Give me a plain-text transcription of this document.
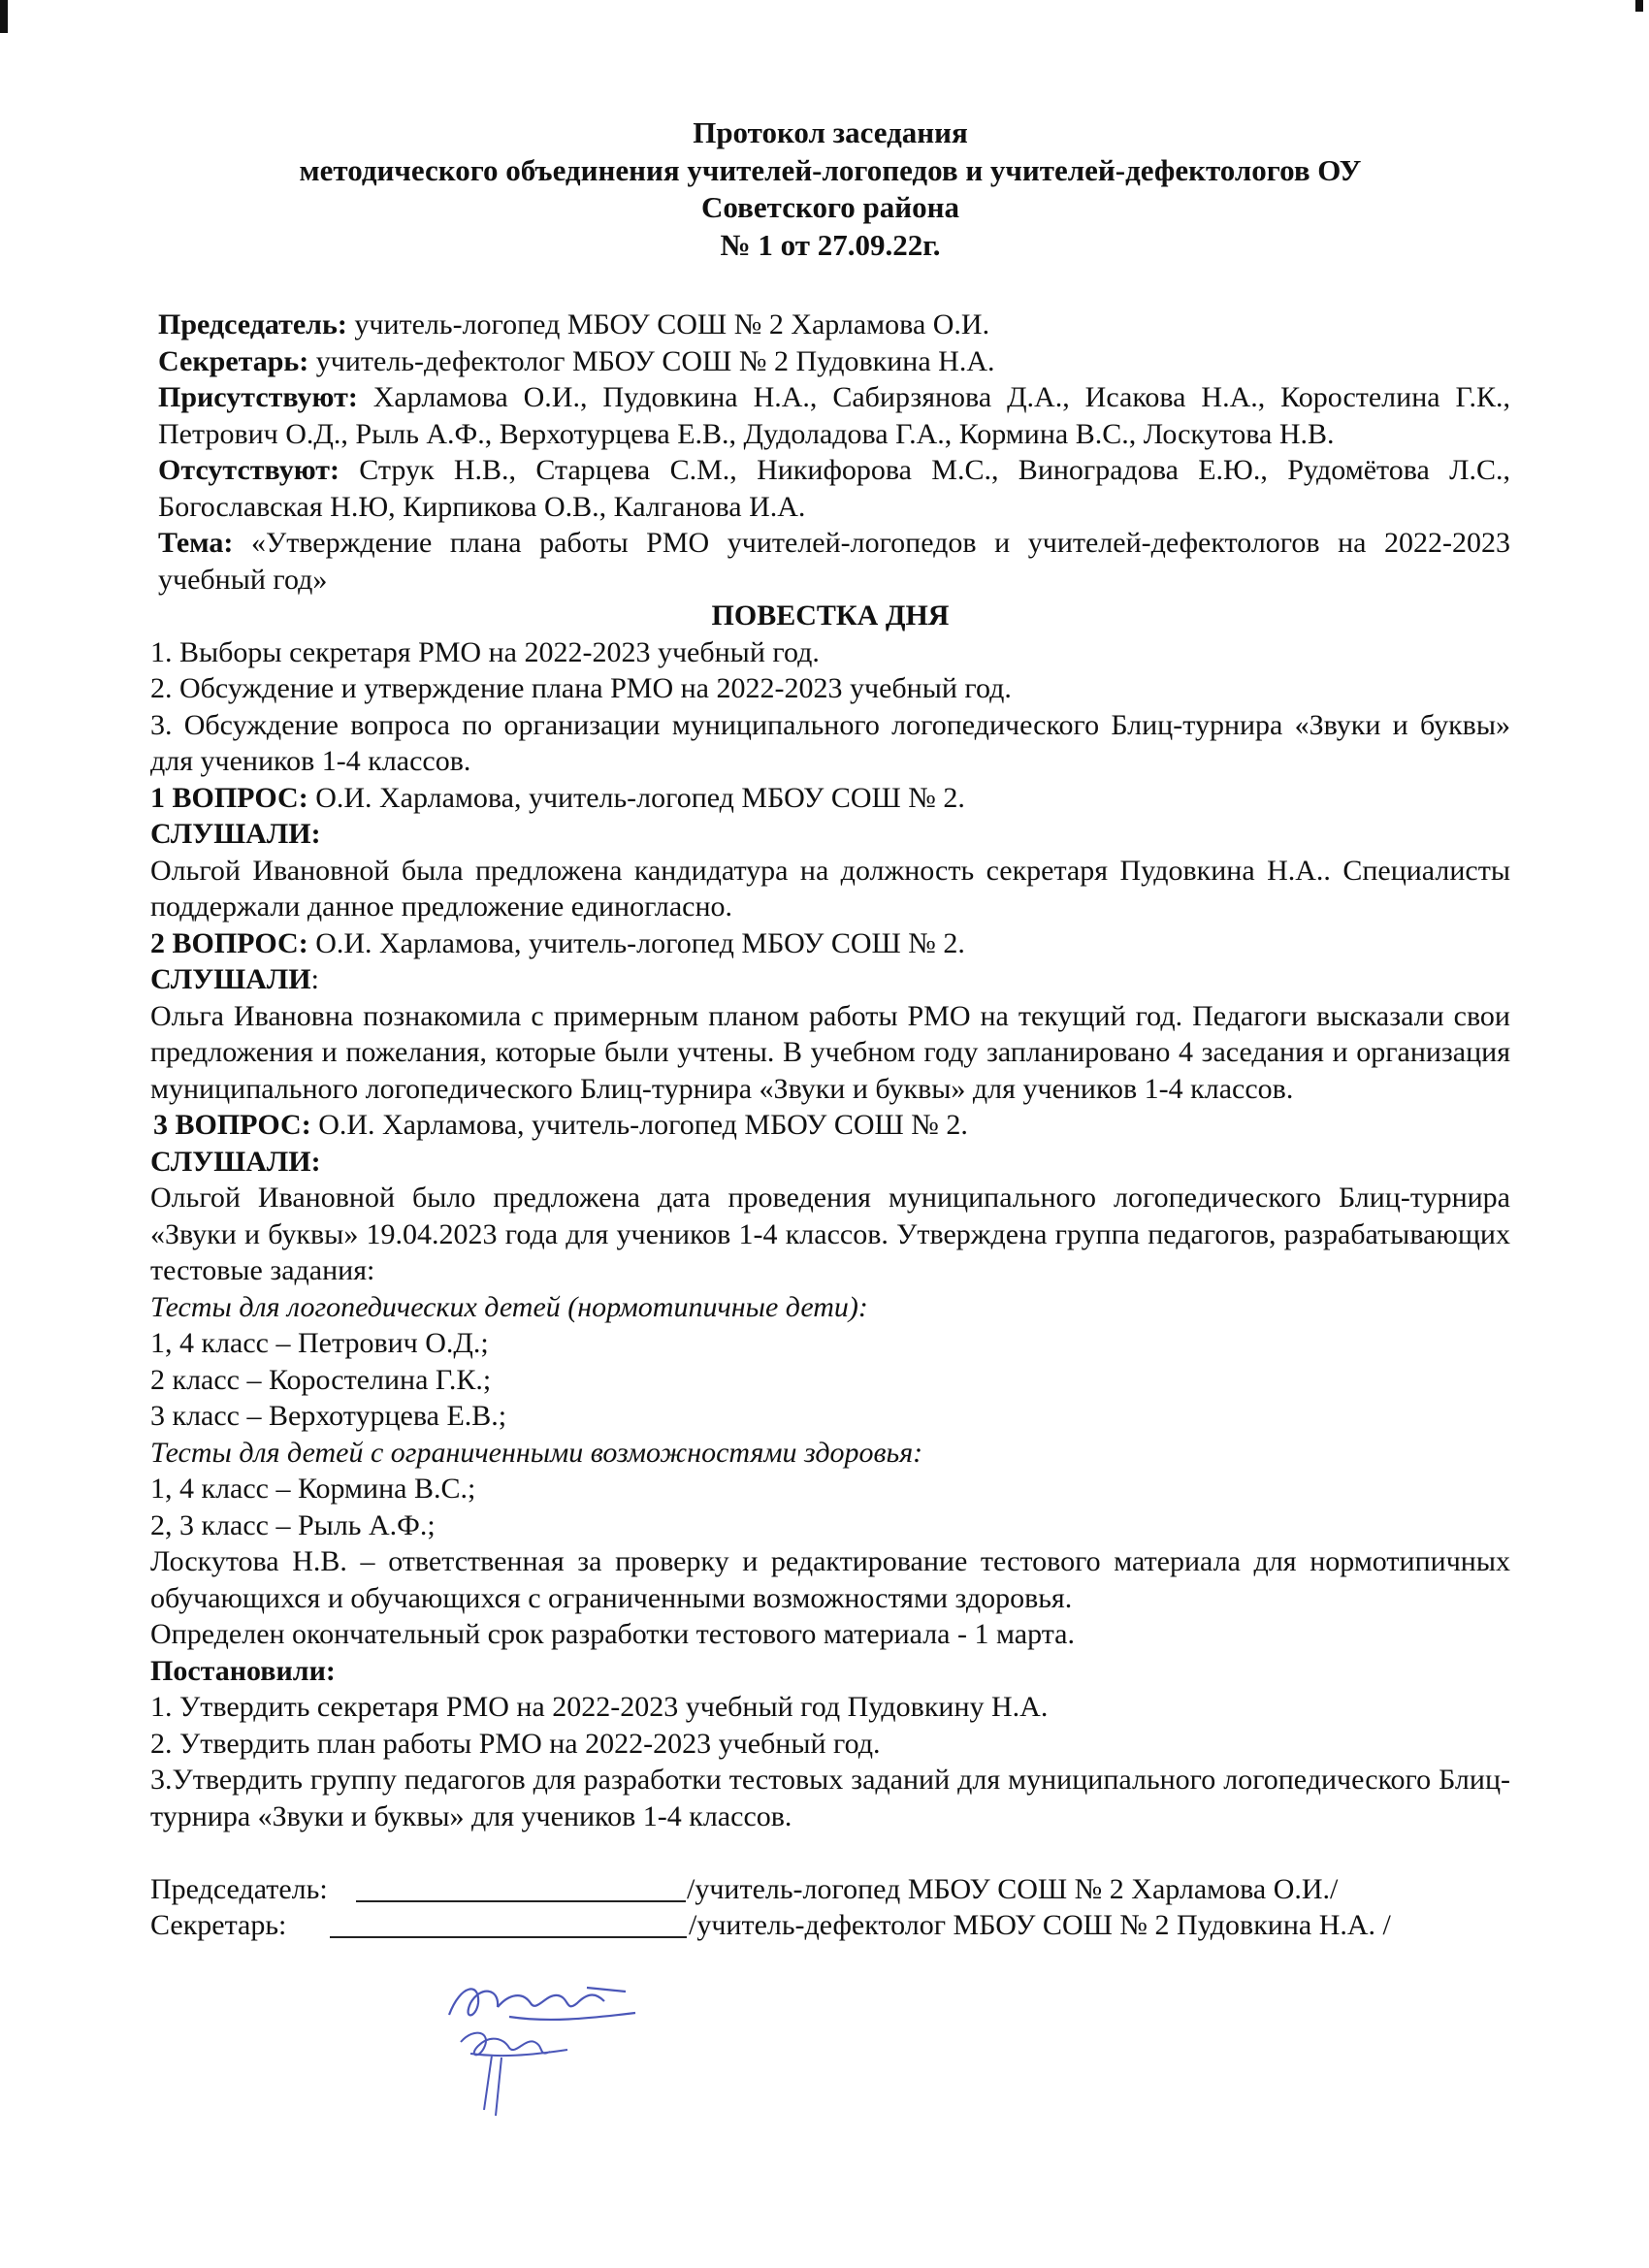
Протокол заседания
методического объединения учителей-логопедов и учителей-дефектологов ОУ
Советского района
№ 1 от 27.09.22г.

Председатель: учитель-логопед МБОУ СОШ № 2 Харламова О.И.

Секретарь: учитель-дефектолог МБОУ СОШ № 2 Пудовкина Н.А.

Присутствуют: Харламова О.И., Пудовкина Н.А., Сабирзянова Д.А., Исакова Н.А., Коростелина Г.К., Петрович О.Д., Рыль А.Ф., Верхотурцева Е.В., Дудоладова Г.А., Кормина В.С., Лоскутова Н.В.

Отсутствуют: Струк Н.В., Старцева С.М., Никифорова М.С., Виноградова Е.Ю., Рудомётова Л.С., Богославская Н.Ю, Кирпикова О.В., Калганова И.А.

Тема: «Утверждение плана работы РМО учителей-логопедов и учителей-дефектологов на 2022-2023 учебный год»

ПОВЕСТКА ДНЯ

1. Выборы секретаря РМО на 2022-2023 учебный год.

2. Обсуждение и утверждение плана РМО на 2022-2023 учебный год.

3. Обсуждение вопроса по организации муниципального логопедического Блиц-турнира «Звуки и буквы» для учеников 1-4 классов.

1 ВОПРОС: О.И. Харламова, учитель-логопед МБОУ СОШ № 2.

СЛУШАЛИ:

Ольгой Ивановной была предложена кандидатура на должность секретаря Пудовкина Н.А.. Специалисты поддержали данное предложение единогласно.

2 ВОПРОС: О.И. Харламова, учитель-логопед МБОУ СОШ № 2.

СЛУШАЛИ:

Ольга Ивановна познакомила с примерным планом работы РМО на текущий год. Педагоги высказали свои предложения и пожелания, которые были учтены. В учебном году запланировано 4 заседания и организация муниципального логопедического Блиц-турнира «Звуки и буквы» для учеников 1-4 классов.

3 ВОПРОС: О.И. Харламова, учитель-логопед МБОУ СОШ № 2.

СЛУШАЛИ:

Ольгой Ивановной было предложена дата проведения муниципального логопедического Блиц-турнира «Звуки и буквы» 19.04.2023 года для учеников 1-4 классов. Утверждена группа педагогов, разрабатывающих тестовые задания:

Тесты для логопедических детей (нормотипичные дети):

1, 4 класс – Петрович О.Д.;

2 класс – Коростелина Г.К.;

3 класс – Верхотурцева Е.В.;

Тесты для детей с ограниченными возможностями здоровья:

1, 4 класс – Кормина В.С.;

2, 3 класс – Рыль А.Ф.;

Лоскутова Н.В. – ответственная за проверку и редактирование тестового материала для нормотипичных обучающихся и обучающихся с ограниченными возможностями здоровья.

Определен окончательный срок разработки тестового материала - 1 марта.

Постановили:

1. Утвердить секретаря РМО на 2022-2023 учебный год Пудовкину Н.А.

2. Утвердить план работы РМО на 2022-2023 учебный год.

3.Утвердить группу педагогов для разработки тестовых заданий для муниципального логопедического Блиц-турнира «Звуки и буквы» для учеников 1-4 классов.

Председатель:	/учитель-логопед МБОУ СОШ № 2 Харламова О.И./
Секретарь:	/учитель-дефектолог МБОУ СОШ № 2 Пудовкина Н.А. /
